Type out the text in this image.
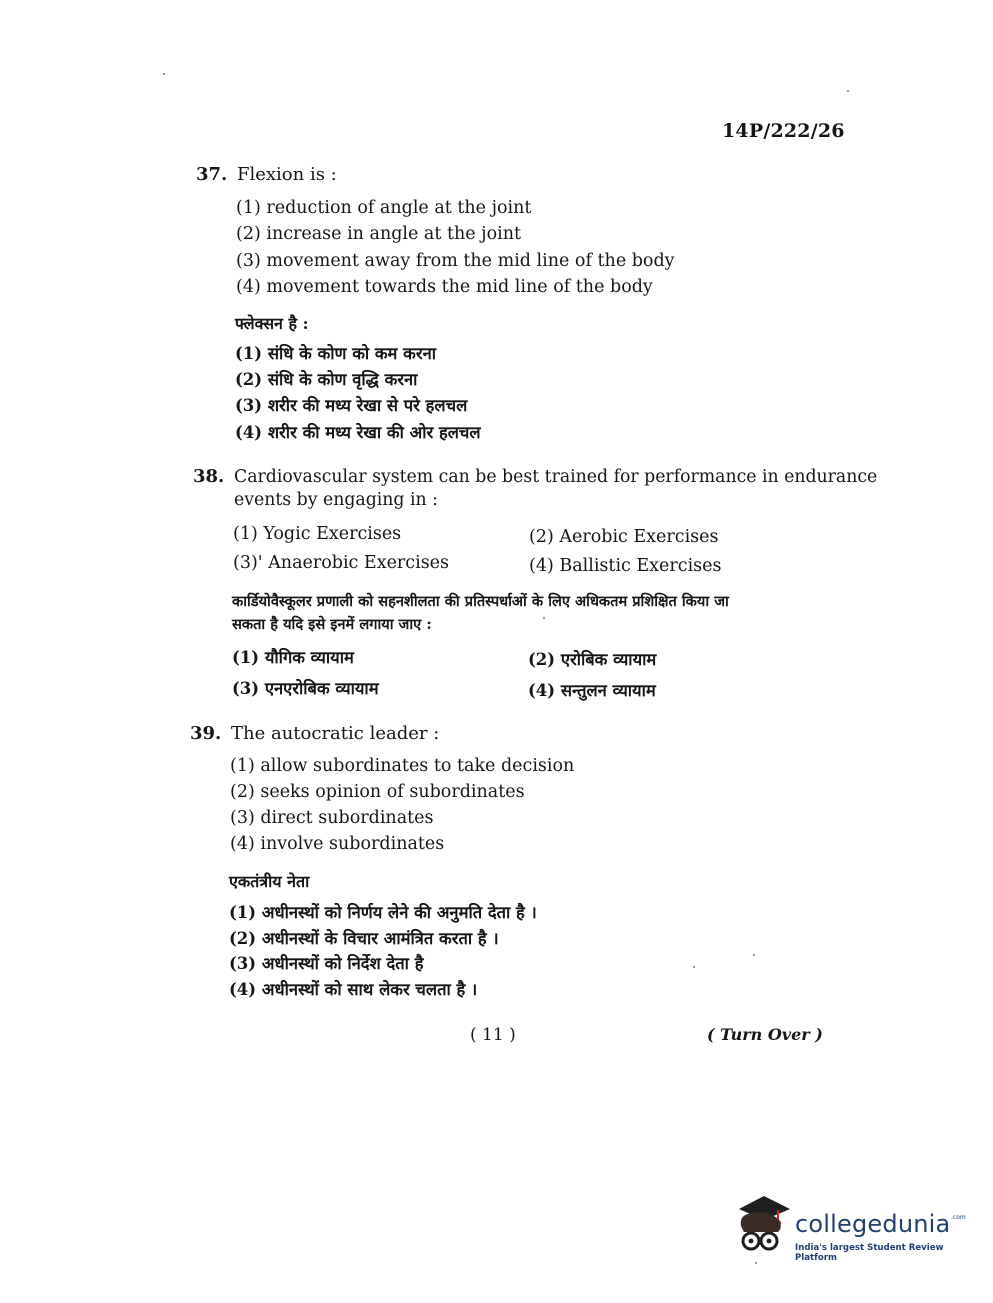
14P/222/26
37. Flexion is :
(1) reduction of angle at the joint
(2) increase in angle at the joint
(3) movement away from the mid line of the body
(4) movement towards the mid line of the body
फ्लेक्सन है :
(1) संधि के कोण को कम करना
(2) संधि के कोण वृद्धि करना
(3) शरीर की मध्य रेखा से परे हलचल
(4) शरीर की मध्य रेखा की ओर हलचल
38. Cardiovascular system can be best trained for performance in endurance
events by engaging in :
(1) Yogic Exercises	(2) Aerobic Exercises
(3)' Anaerobic Exercises	(4) Ballistic Exercises
कार्डियोवैस्कूलर प्रणाली को सहनशीलता की प्रतिस्पर्धाओं के लिए अधिकतम प्रशिक्षित किया जा
सकता है यदि इसे इनमें लगाया जाए :
(1) यौगिक व्यायाम	(2) एरोबिक व्यायाम
(3) एनएरोबिक व्यायाम	(4) सन्तुलन व्यायाम
39. The autocratic leader :
(1) allow subordinates to take decision
(2) seeks opinion of subordinates
(3) direct subordinates
(4) involve subordinates
एकतंत्रीय नेता
(1) अधीनस्थों को निर्णय लेने की अनुमति देता है ।
(2) अधीनस्थों के विचार आमंत्रित करता है ।
(3) अधीनस्थों को निर्देश देता है
(4) अधीनस्थों को साथ लेकर चलता है ।
( 11 )	( Turn Over )
collegedunia .com
India's largest Student Review Platform
